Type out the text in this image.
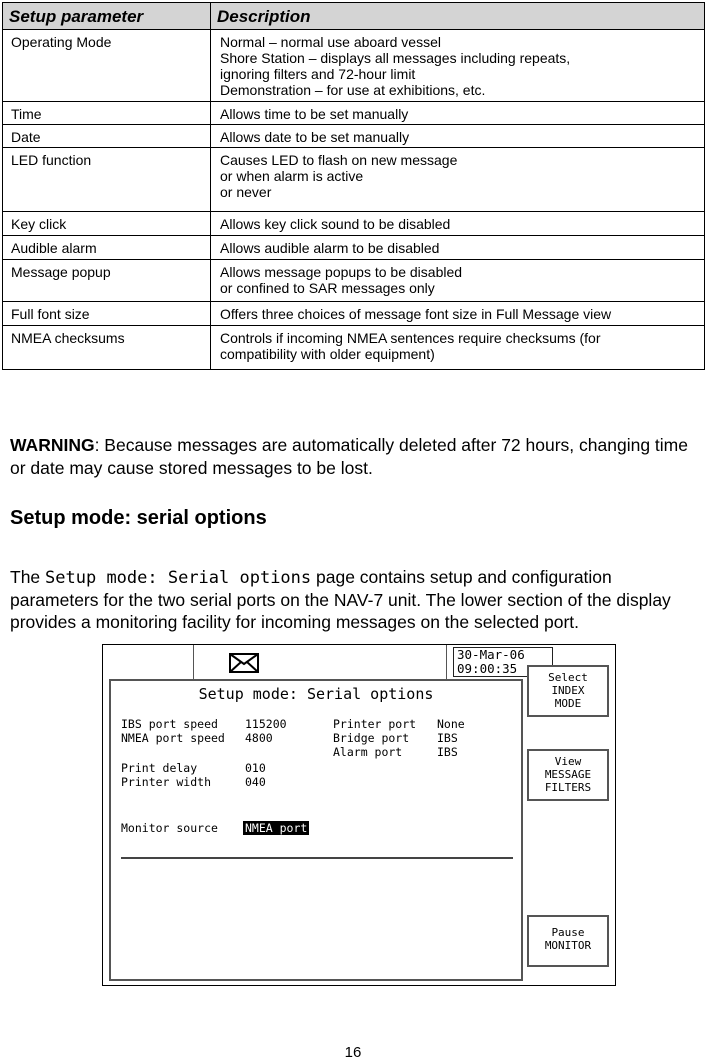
Setup parameter	Description
Operating Mode	Normal – normal use aboard vessel
Shore Station – displays all messages including repeats,
ignoring filters and 72-hour limit
Demonstration – for use at exhibitions, etc.

Time	Allows time to be set manually

Date	Allows date to be set manually

LED function	Causes LED to flash on new message
or when alarm is active
or never

Key click	Allows key click sound to be disabled

Audible alarm	Allows audible alarm to be disabled

Message popup	Allows message popups to be disabled
or confined to SAR messages only

Full font size	Offers three choices of message font size in Full Message view

NMEA checksums	Controls if incoming NMEA sentences require checksums (for
compatibility with older equipment)

WARNING: Because messages are automatically deleted after 72 hours, changing time or date may cause stored messages to be lost.

Setup mode: serial options

The Setup mode: Serial options page contains setup and configuration parameters for the two serial ports on the NAV-7 unit. The lower section of the display provides a monitoring facility for incoming messages on the selected port.

30-Mar-06
09:00:35
Setup mode: Serial options
IBS port speed 115200
NMEA port speed 4800
Print delay	010
Printer width	040
Printer port None
Bridge port IBS
Alarm port	IBS
Monitor source NMEA port
Select
INDEX
MODE
View
MESSAGE
FILTERS
Pause
MONITOR

16
